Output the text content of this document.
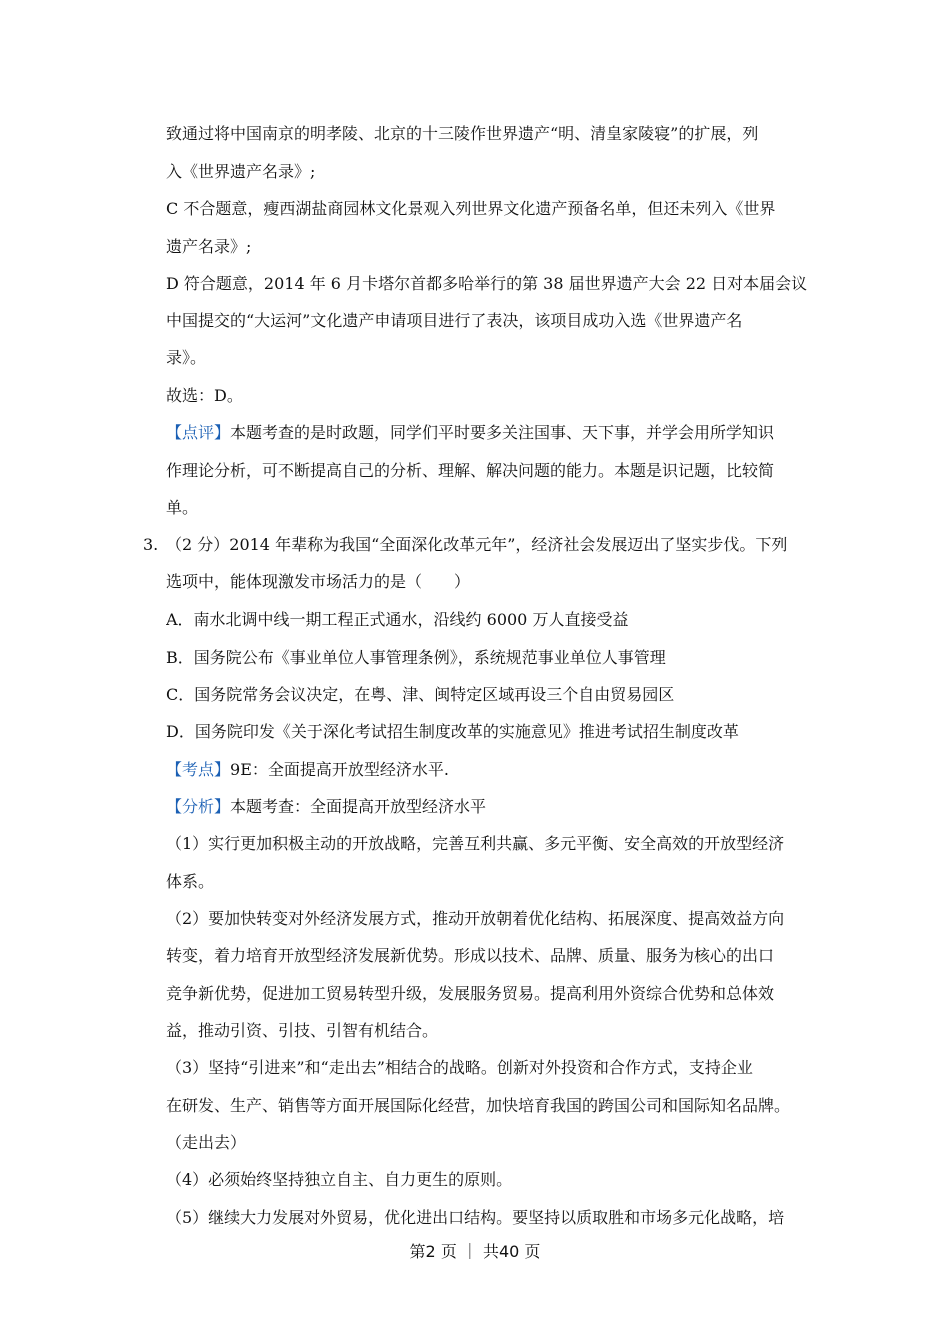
致通过将中国南京的明孝陵、北京的十三陵作世界遗产“明、清皇家陵寝”的扩展，列
入《世界遗产名录》;
C 不合题意，瘦西湖盐商园林文化景观入列世界文化遗产预备名单，但还未列入《世界
遗产名录》;
D 符合题意，2014 年 6 月卡塔尔首都多哈举行的第 38 届世界遗产大会 22 日对本届会议
中国提交的“大运河”文化遗产申请项目进行了表决，该项目成功入选《世界遗产名
录》。
故选：D。
【点评】本题考查的是时政题，同学们平时要多关注国事、天下事，并学会用所学知识
作理论分析，可不断提高自己的分析、理解、解决问题的能力。本题是识记题，比较简
单。
3. （2 分）2014 年辈称为我国“全面深化改革元年”，经济社会发展迈出了坚实步伐。下列
选项中，能体现激发市场活力的是（　　）
A．南水北调中线一期工程正式通水，沿线约 6000 万人直接受益
B．国务院公布《事业单位人事管理条例》，系统规范事业单位人事管理
C．国务院常务会议决定，在粤、津、闽特定区域再设三个自由贸易园区
D．国务院印发《关于深化考试招生制度改革的实施意见》推进考试招生制度改革
【考点】9E：全面提高开放型经济水平.
【分析】本题考查：全面提高开放型经济水平
（1）实行更加积极主动的开放战略，完善互利共赢、多元平衡、安全高效的开放型经济
体系。
（2）要加快转变对外经济发展方式，推动开放朝着优化结构、拓展深度、提高效益方向
转变，着力培育开放型经济发展新优势。形成以技术、品牌、质量、服务为核心的出口
竞争新优势，促进加工贸易转型升级，发展服务贸易。提高利用外资综合优势和总体效
益，推动引资、引技、引智有机结合。
（3）坚持“引进来”和“走出去”相结合的战略。创新对外投资和合作方式，支持企业
在研发、生产、销售等方面开展国际化经营，加快培育我国的跨国公司和国际知名品牌。
（走出去）
（4）必须始终坚持独立自主、自力更生的原则。
（5）继续大力发展对外贸易，优化进出口结构。要坚持以质取胜和市场多元化战略，培
第2 页 ｜ 共40 页
